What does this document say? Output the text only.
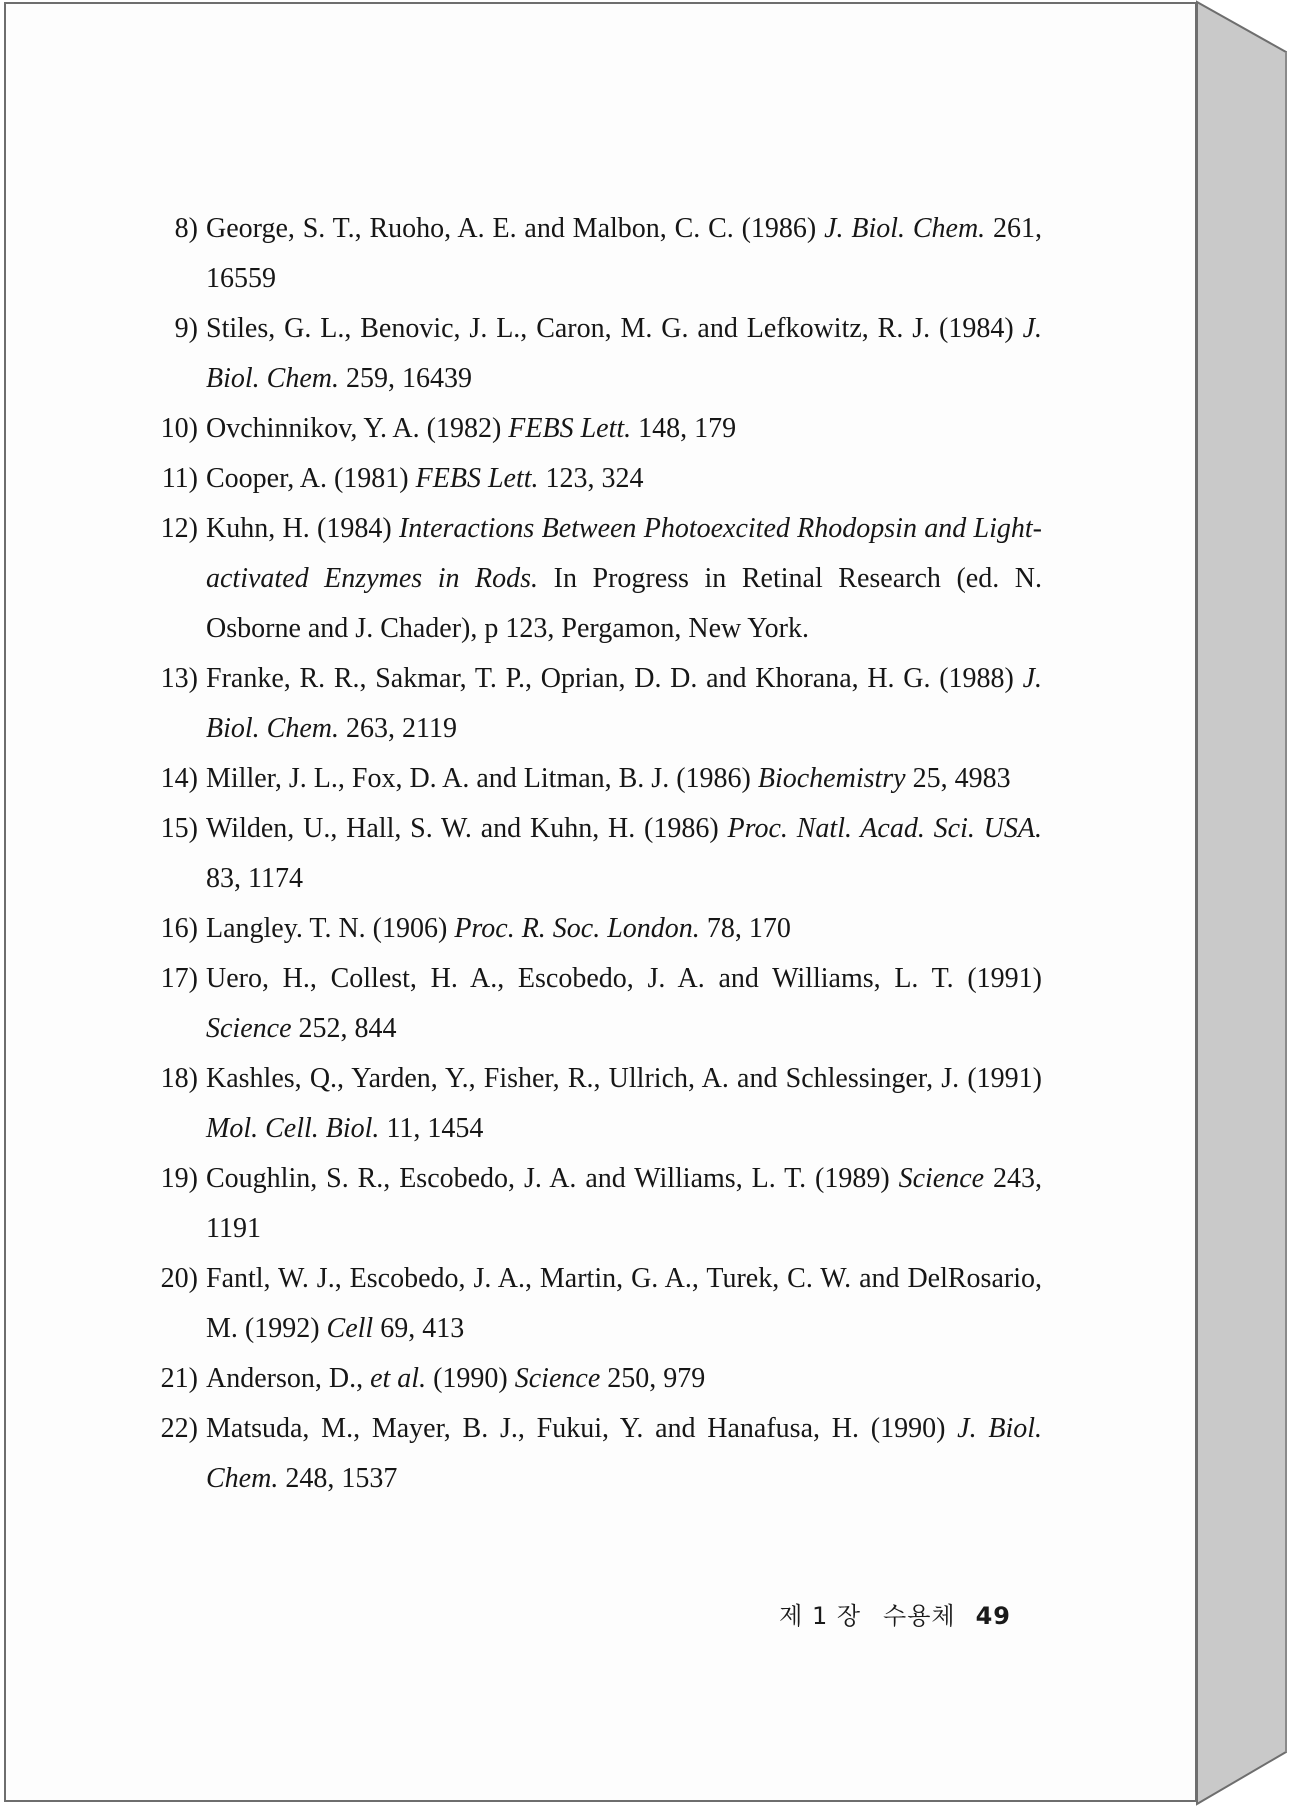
8) George, S. T., Ruoho, A. E. and Malbon, C. C. (1986) J. Biol. Chem. 261, 16559
9) Stiles, G. L., Benovic, J. L., Caron, M. G. and Lefkowitz, R. J. (1984) J. Biol. Chem. 259, 16439
10) Ovchinnikov, Y. A. (1982) FEBS Lett. 148, 179
11) Cooper, A. (1981) FEBS Lett. 123, 324
12) Kuhn, H. (1984) Interactions Between Photoexcited Rhodopsin and Light-activated Enzymes in Rods. In Progress in Retinal Research (ed. N. Osborne and J. Chader), p 123, Pergamon, New York.
13) Franke, R. R., Sakmar, T. P., Oprian, D. D. and Khorana, H. G. (1988) J. Biol. Chem. 263, 2119
14) Miller, J. L., Fox, D. A. and Litman, B. J. (1986) Biochemistry 25, 4983
15) Wilden, U., Hall, S. W. and Kuhn, H. (1986) Proc. Natl. Acad. Sci. USA. 83, 1174
16) Langley. T. N. (1906) Proc. R. Soc. London. 78, 170
17) Uero, H., Collest, H. A., Escobedo, J. A. and Williams, L. T. (1991) Science 252, 844
18) Kashles, Q., Yarden, Y., Fisher, R., Ullrich, A. and Schlessinger, J. (1991) Mol. Cell. Biol. 11, 1454
19) Coughlin, S. R., Escobedo, J. A. and Williams, L. T. (1989) Science 243, 1191
20) Fantl, W. J., Escobedo, J. A., Martin, G. A., Turek, C. W. and DelRosario, M. (1992) Cell 69, 413
21) Anderson, D., et al. (1990) Science 250, 979
22) Matsuda, M., Mayer, B. J., Fukui, Y. and Hanafusa, H. (1990) J. Biol. Chem. 248, 1537
제 1 장 수용체 49
